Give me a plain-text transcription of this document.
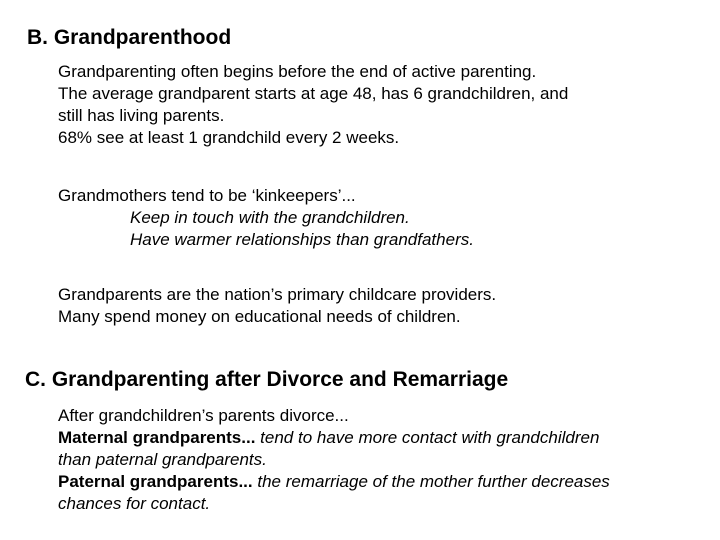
B. Grandparenthood
Grandparenting often begins before the end of active parenting.
The average grandparent starts at age 48, has 6 grandchildren, and
still has living parents.
68% see at least 1 grandchild every 2 weeks.
Grandmothers tend to be ‘kinkeepers’...
Keep in touch with the grandchildren.
Have warmer relationships than grandfathers.
Grandparents are the nation’s primary childcare providers.
Many spend money on educational needs of children.
C. Grandparenting after Divorce and Remarriage
After grandchildren’s parents divorce...
Maternal grandparents... tend to have more contact with grandchildren
than paternal grandparents.
Paternal grandparents... the remarriage of the mother further decreases
chances for contact.
